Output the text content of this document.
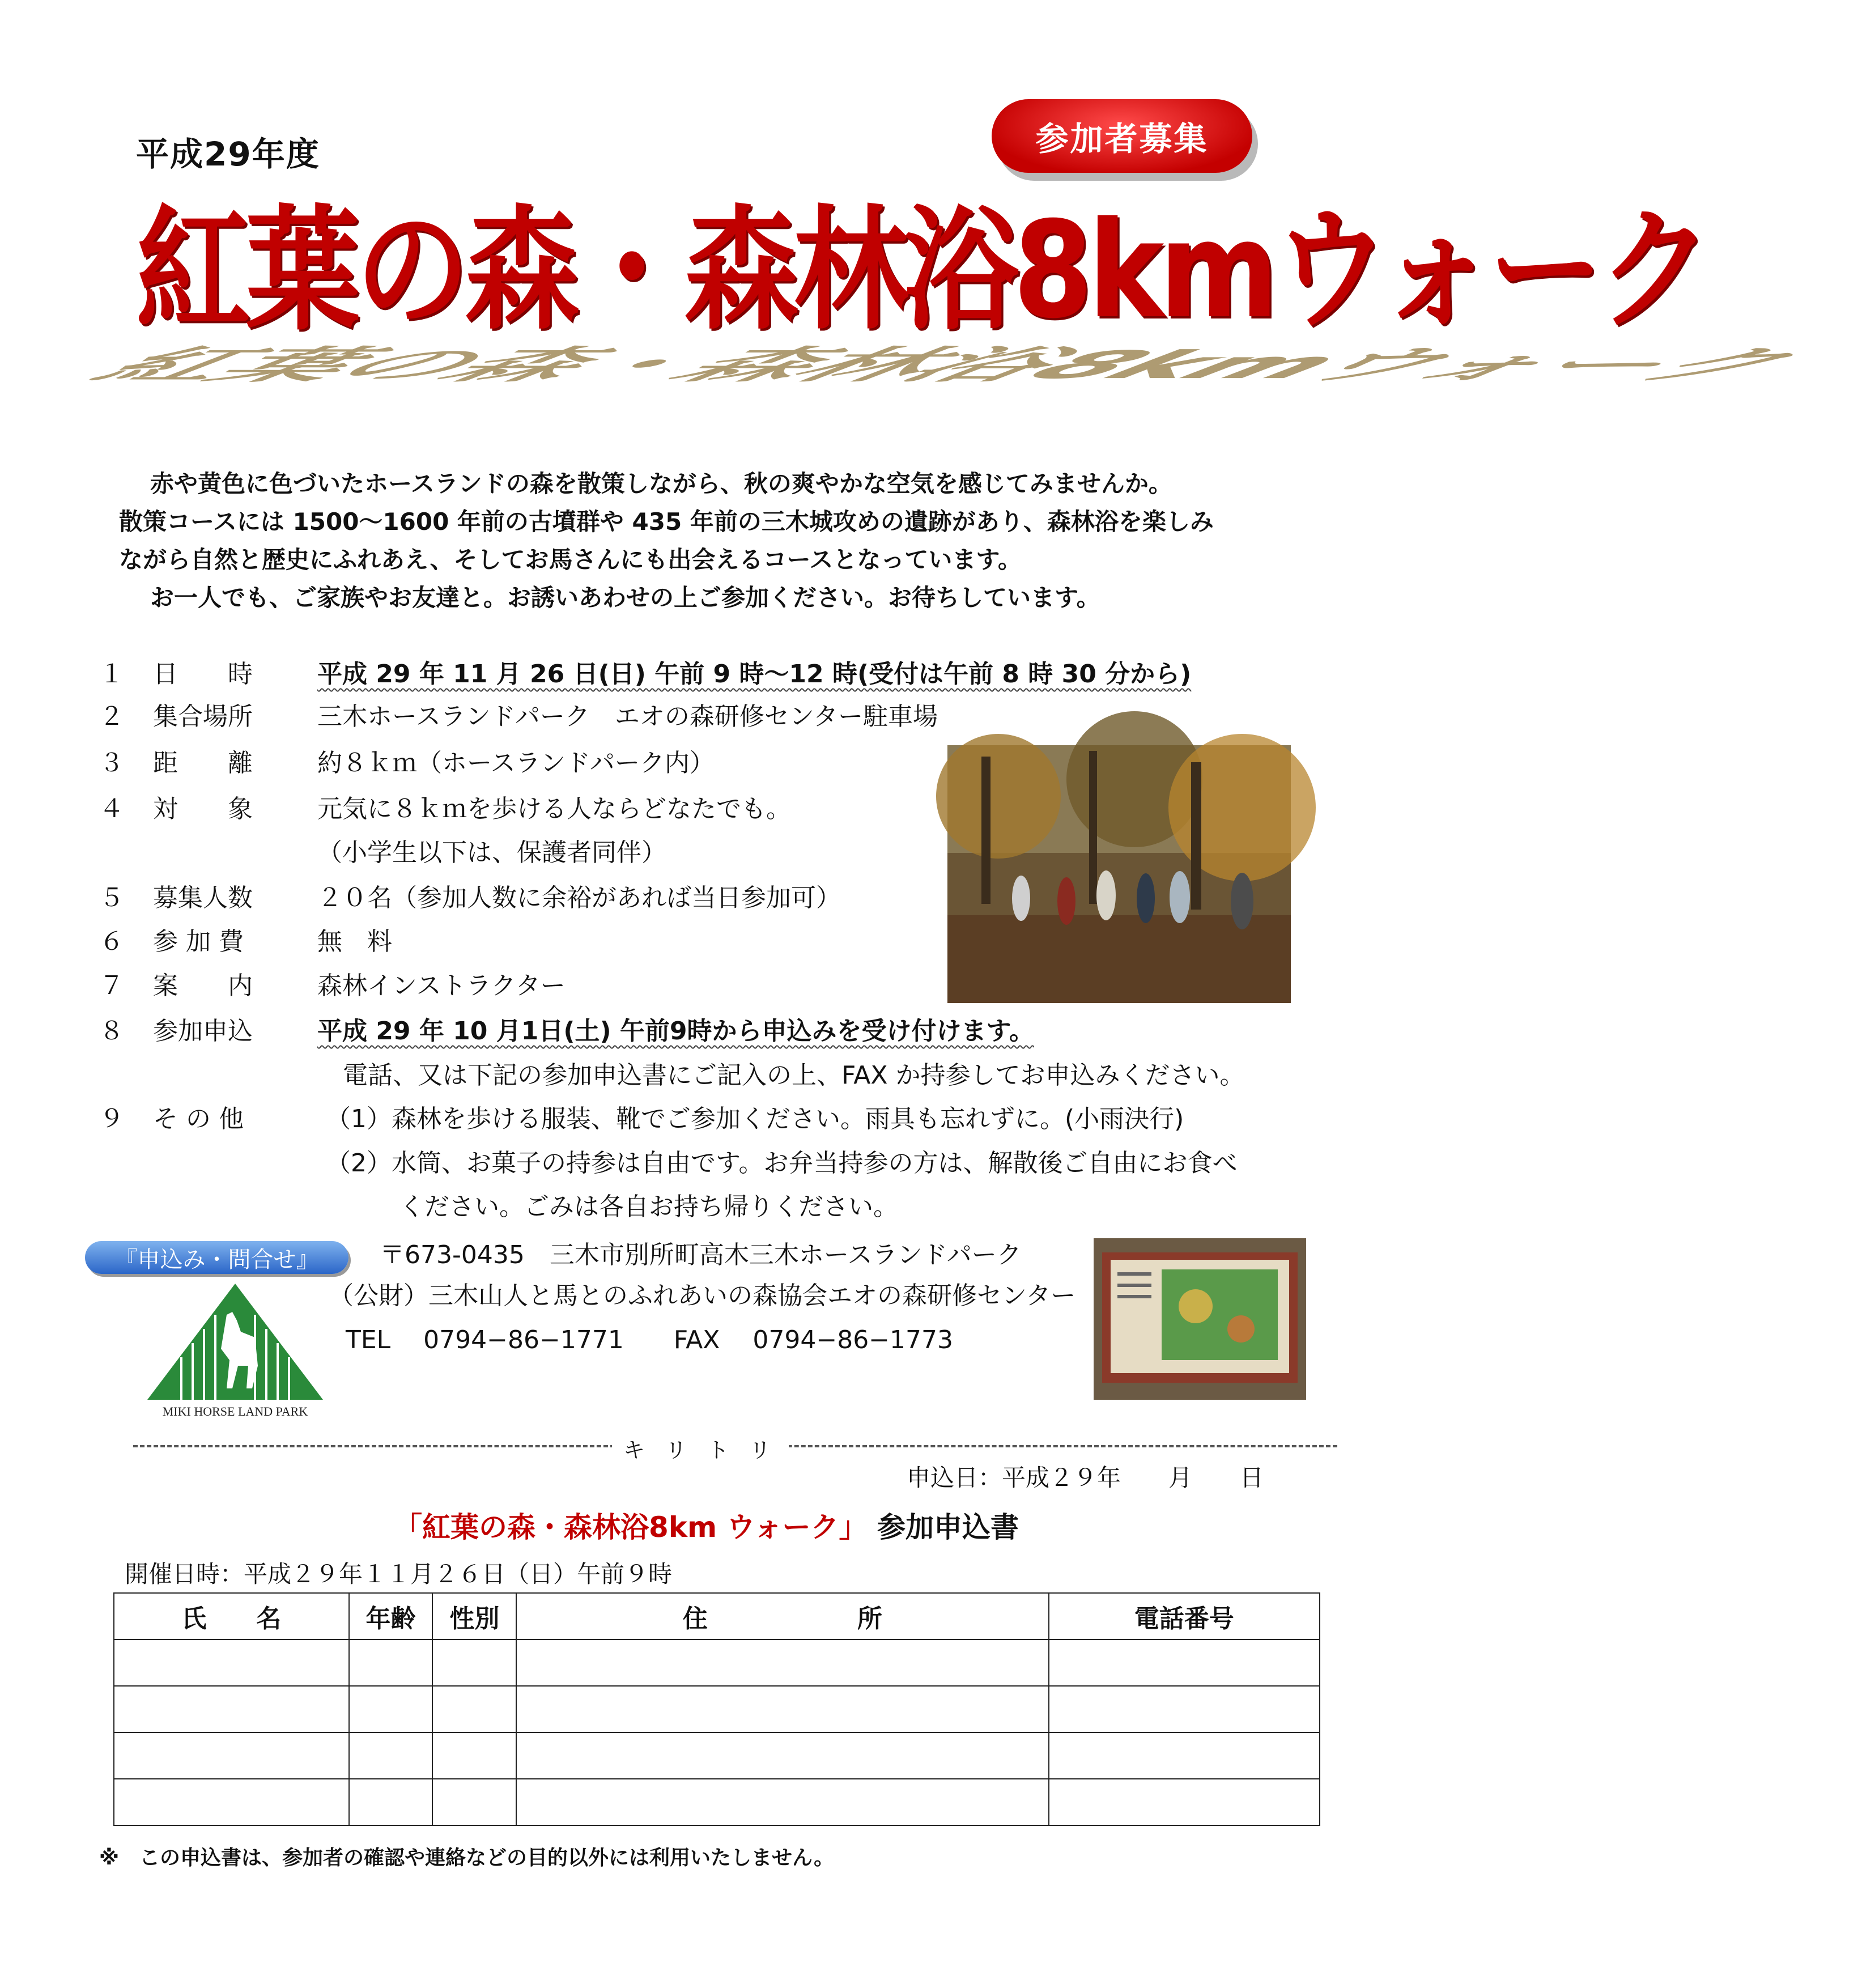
平成29年度	参加者募集
紅葉の森・森林浴8kmウォーク
紅葉の森・森林浴8kmウォーク
赤や黄色に色づいたホースランドの森を散策しながら、秋の爽やかな空気を感じてみませんか。
散策コースには 1500〜1600 年前の古墳群や 435 年前の三木城攻めの遺跡があり、森林浴を楽しみ
ながら自然と歴史にふれあえ、そしてお馬さんにも出会えるコースとなっています。
お一人でも、ご家族やお友達と。お誘いあわせの上ご参加ください。お待ちしています。
１ 日　　時	平成 29 年 11 月 26 日(日) 午前 9 時〜12 時(受付は午前 8 時 30 分から)
２ 集合場所	三木ホースランドパーク　エオの森研修センター駐車場
３ 距　　離	約８ｋｍ（ホースランドパーク内）
４ 対　　象	元気に８ｋｍを歩ける人ならどなたでも。
（小学生以下は、保護者同伴）
５ 募集人数	２０名（参加人数に余裕があれば当日参加可）
６ 参 加 費	無　料
７ 案　　内	森林インストラクター
８ 参加申込	平成 29 年 10 月1日(土) 午前9時から申込みを受け付けます。
電話、又は下記の参加申込書にご記入の上、FAX か持参してお申込みください。
９ そ の 他	（1）森林を歩ける服装、靴でご参加ください。雨具も忘れずに。(小雨決行)
（2）水筒、お菓子の持参は自由です。お弁当持参の方は、解散後ご自由にお食べ
ください。ごみは各自お持ち帰りください。
『申込み・問合せ』	〒673-0435　三木市別所町高木三木ホースランドパーク
（公財）三木山人と馬とのふれあいの森協会エオの森研修センター
TEL　 0794−86−1771　　FAX　 0794−86−1773
MIKI HORSE LAND PARK
キ リ ト リ
申込日：平成２９年　　月　　日
「紅葉の森・森林浴8km ウォーク」 参加申込書
開催日時：平成２９年１１月２６日（日）午前９時
氏　　名	年齢	性別	住　　　　　　所	電話番号

※　この申込書は、参加者の確認や連絡などの目的以外には利用いたしません。
